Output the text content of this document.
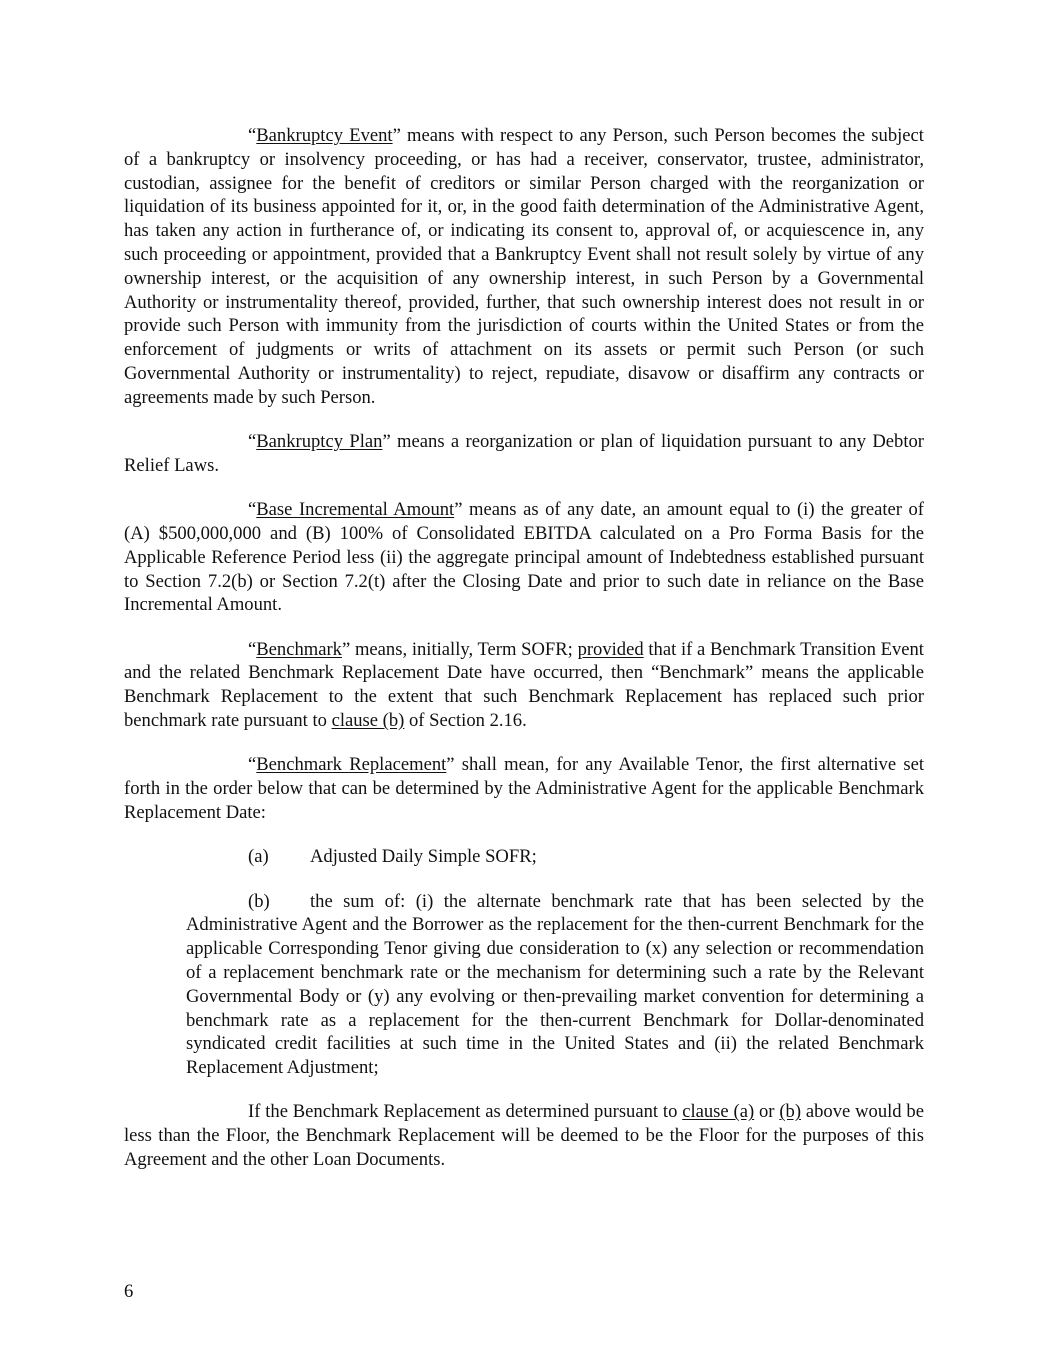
“Bankruptcy Event” means with respect to any Person, such Person becomes the subject of a bankruptcy or insolvency proceeding, or has had a receiver, conservator, trustee, administrator, custodian, assignee for the benefit of creditors or similar Person charged with the reorganization or liquidation of its business appointed for it, or, in the good faith determination of the Administrative Agent, has taken any action in furtherance of, or indicating its consent to, approval of, or acquiescence in, any such proceeding or appointment, provided that a Bankruptcy Event shall not result solely by virtue of any ownership interest, or the acquisition of any ownership interest, in such Person by a Governmental Authority or instrumentality thereof, provided, further, that such ownership interest does not result in or provide such Person with immunity from the jurisdiction of courts within the United States or from the enforcement of judgments or writs of attachment on its assets or permit such Person (or such Governmental Authority or instrumentality) to reject, repudiate, disavow or disaffirm any contracts or agreements made by such Person.

“Bankruptcy Plan” means a reorganization or plan of liquidation pursuant to any Debtor Relief Laws.

“Base Incremental Amount” means as of any date, an amount equal to (i) the greater of (A) $500,000,000 and (B) 100% of Consolidated EBITDA calculated on a Pro Forma Basis for the Applicable Reference Period less (ii) the aggregate principal amount of Indebtedness established pursuant to Section 7.2(b) or Section 7.2(t) after the Closing Date and prior to such date in reliance on the Base Incremental Amount.

“Benchmark” means, initially, Term SOFR; provided that if a Benchmark Transition Event and the related Benchmark Replacement Date have occurred, then “Benchmark” means the applicable Benchmark Replacement to the extent that such Benchmark Replacement has replaced such prior benchmark rate pursuant to clause (b) of Section 2.16.

“Benchmark Replacement” shall mean, for any Available Tenor, the first alternative set forth in the order below that can be determined by the Administrative Agent for the applicable Benchmark Replacement Date:

(a) Adjusted Daily Simple SOFR;

(b) the sum of: (i) the alternate benchmark rate that has been selected by the Administrative Agent and the Borrower as the replacement for the then-current Benchmark for the applicable Corresponding Tenor giving due consideration to (x) any selection or recommendation of a replacement benchmark rate or the mechanism for determining such a rate by the Relevant Governmental Body or (y) any evolving or then-prevailing market convention for determining a benchmark rate as a replacement for the then-current Benchmark for Dollar-denominated syndicated credit facilities at such time in the United States and (ii) the related Benchmark Replacement Adjustment;

If the Benchmark Replacement as determined pursuant to clause (a) or (b) above would be less than the Floor, the Benchmark Replacement will be deemed to be the Floor for the purposes of this Agreement and the other Loan Documents.

6
